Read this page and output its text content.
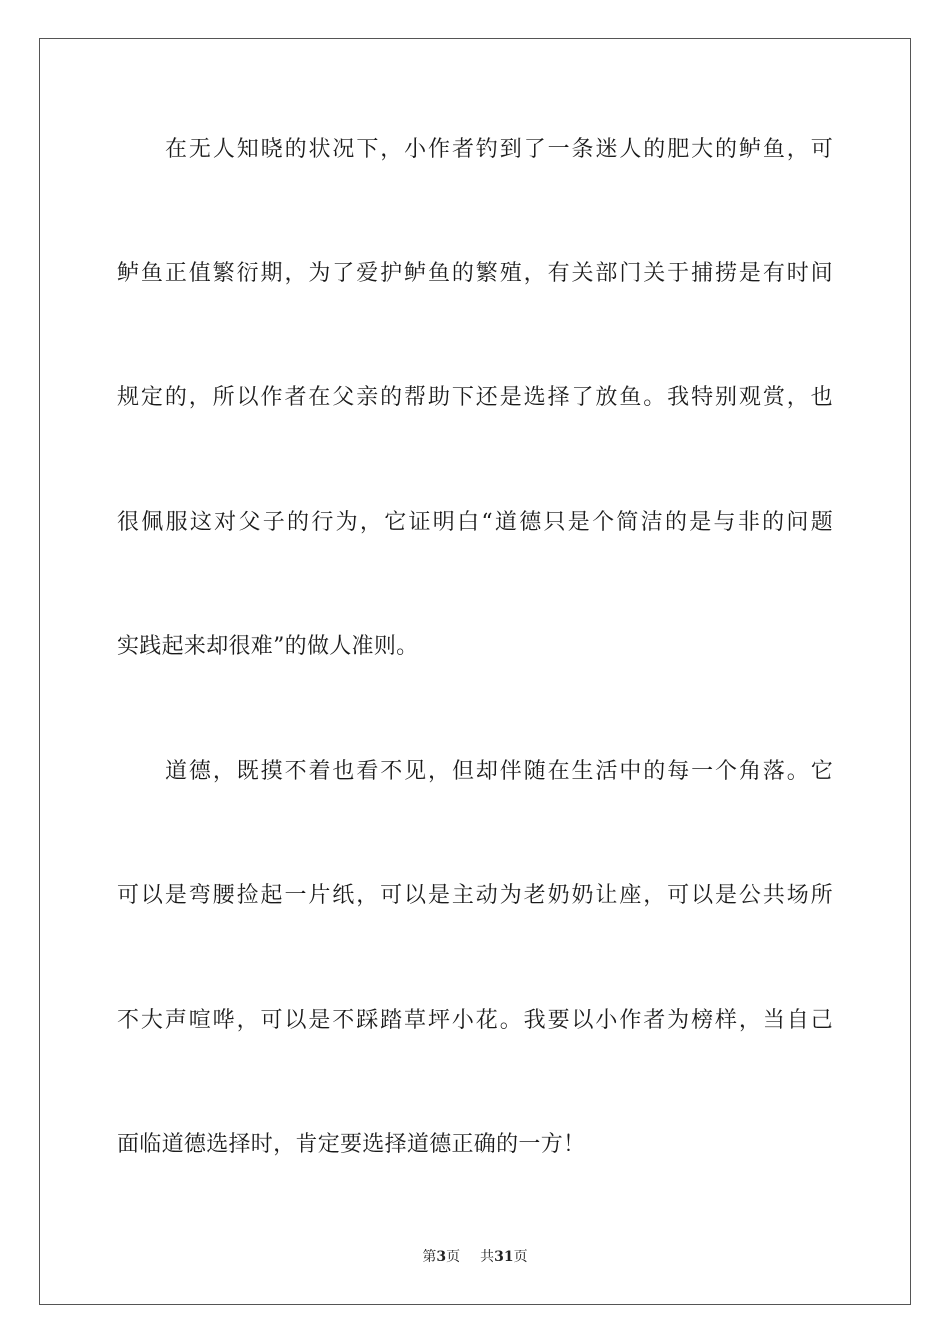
在无人知晓的状况下，小作者钓到了一条迷人的肥大的鲈鱼，可
鲈鱼正值繁衍期，为了爱护鲈鱼的繁殖，有关部门关于捕捞是有时间
规定的，所以作者在父亲的帮助下还是选择了放鱼。我特别观赏，也
很佩服这对父子的行为，它证明白“道德只是个简洁的是与非的问题
实践起来却很难”的做人准则。
道德，既摸不着也看不见，但却伴随在生活中的每一个角落。它
可以是弯腰捡起一片纸，可以是主动为老奶奶让座，可以是公共场所
不大声喧哗，可以是不踩踏草坪小花。我要以小作者为榜样，当自己
面临道德选择时，肯定要选择道德正确的一方！
第3页 共31页
